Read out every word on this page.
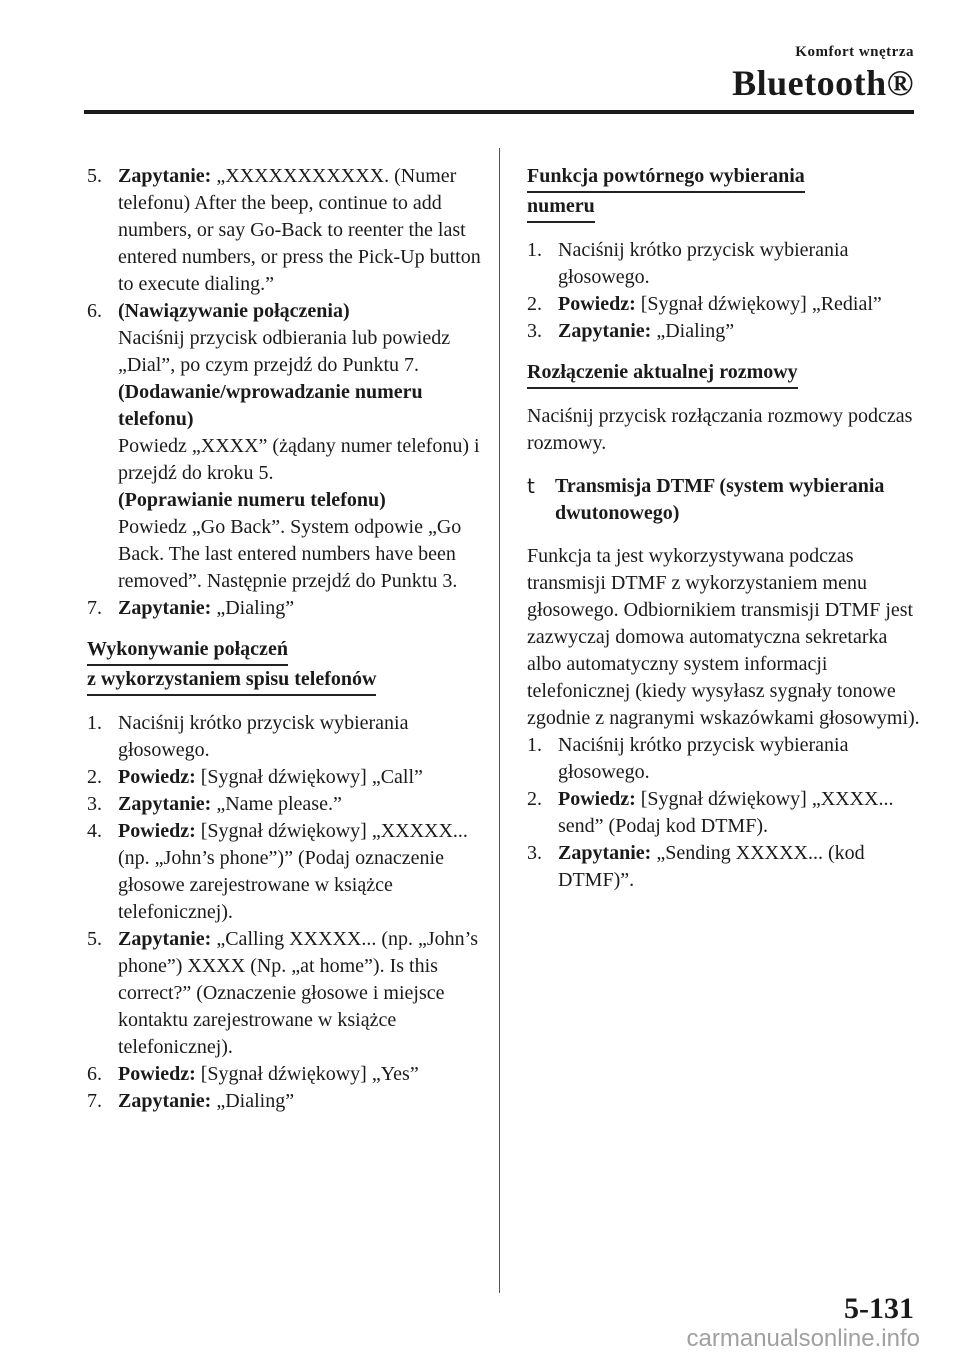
Komfort wnętrza
Bluetooth®
5. Zapytanie: „XXXXXXXXXXX. (Numer telefonu) After the beep, continue to add numbers, or say Go-Back to reenter the last entered numbers, or press the Pick-Up button to execute dialing.”
6. (Nawiązywanie połączenia)

Naciśnij przycisk odbierania lub powiedz „Dial”, po czym przejdź do Punktu 7.

(Dodawanie/wprowadzanie numeru telefonu)

Powiedz „XXXX” (żądany numer telefonu) i przejdź do kroku 5.

(Poprawianie numeru telefonu)

Powiedz „Go Back”. System odpowie „Go Back. The last entered numbers have been removed”. Następnie przejdź do Punktu 3.

7. Zapytanie: „Dialing”
Wykonywanie połączeń
z wykorzystaniem spisu telefonów
1. Naciśnij krótko przycisk wybierania głosowego.
2. Powiedz: [Sygnał dźwiękowy] „Call”
3. Zapytanie: „Name please.”
4. Powiedz: [Sygnał dźwiękowy] „XXXXX... (np. „John’s phone”)” (Podaj oznaczenie głosowe zarejestrowane w książce telefonicznej).
5. Zapytanie: „Calling XXXXX... (np. „John’s phone”) XXXX (Np. „at home”). Is this correct?” (Oznaczenie głosowe i miejsce kontaktu zarejestrowane w książce telefonicznej).
6. Powiedz: [Sygnał dźwiękowy] „Yes”
7. Zapytanie: „Dialing”
Funkcja powtórnego wybierania
numeru
1. Naciśnij krótko przycisk wybierania głosowego.
2. Powiedz: [Sygnał dźwiękowy] „Redial”
3. Zapytanie: „Dialing”
Rozłączenie aktualnej rozmowy

Naciśnij przycisk rozłączania rozmowy podczas rozmowy.

t	Transmisja DTMF (system wybierania dwutonowego)

Funkcja ta jest wykorzystywana podczas transmisji DTMF z wykorzystaniem menu głosowego. Odbiornikiem transmisji DTMF jest zazwyczaj domowa automatyczna sekretarka albo automatyczny system informacji telefonicznej (kiedy wysyłasz sygnały tonowe zgodnie z nagranymi wskazówkami głosowymi).

1. Naciśnij krótko przycisk wybierania głosowego.
2. Powiedz: [Sygnał dźwiękowy] „XXXX... send” (Podaj kod DTMF).
3. Zapytanie: „Sending XXXXX... (kod DTMF)”.
5-131
carmanualsonline.info
